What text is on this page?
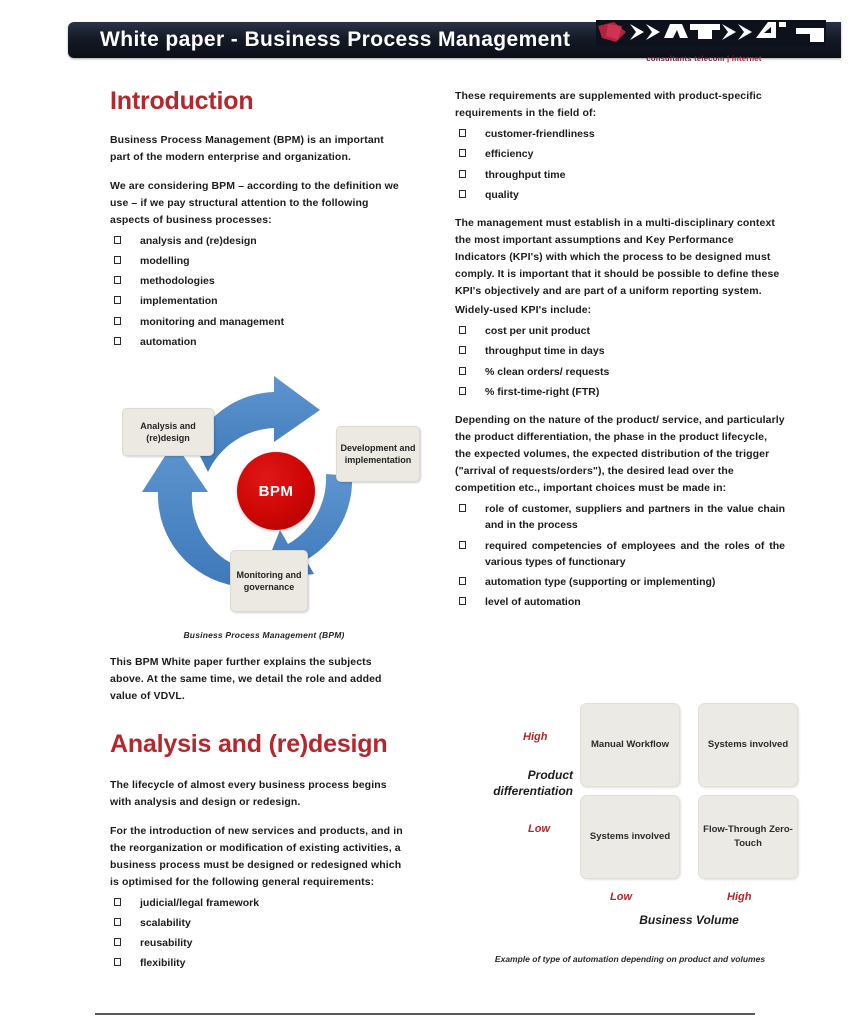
White paper - Business Process Management
consultants telecom | internet
Introduction

Business Process Management (BPM) is an important part of the modern enterprise and organization.

We are considering BPM – according to the definition we use – if we pay structural attention to the following aspects of business processes:

analysis and (re)design
modelling
methodologies
implementation
monitoring and management
automation
Analysis and (re)design
Development and implementation
Monitoring and governance
BPM
Business Process Management (BPM)

This BPM White paper further explains the subjects above. At the same time, we detail the role and added value of VDVL.

Analysis and (re)design

The lifecycle of almost every business process begins with analysis and design or redesign.

For the introduction of new services and products, and in the reorganization or modification of existing activities, a business process must be designed or redesigned which is optimised for the following general requirements:

judicial/legal framework
scalability
reusability
flexibility

These requirements are supplemented with product-specific requirements in the field of:

customer-friendliness
efficiency
throughput time
quality

The management must establish in a multi-disciplinary context the most important assumptions and Key Performance Indicators (KPI's) with which the process to be designed must comply. It is important that it should be possible to define these KPI's objectively and are part of a uniform reporting system.

Widely-used KPI's include:

cost per unit product
throughput time in days
% clean orders/ requests
% first-time-right (FTR)

Depending on the nature of the product/ service, and particularly the product differentiation, the phase in the product lifecycle, the expected volumes, the expected distribution of the trigger ("arrival of requests/orders"), the desired lead over the competition etc., important choices must be made in:

role of customer, suppliers and partners in the value chain and in the process
required competencies of employees and the roles of the various types of functionary
automation type (supporting or implementing)
level of automation
High
Low
Product differentiation
Manual Workflow	Systems involved
Systems involved
Flow-Through Zero-Touch
Low	High
Business Volume
Example of type of automation depending on product and volumes
